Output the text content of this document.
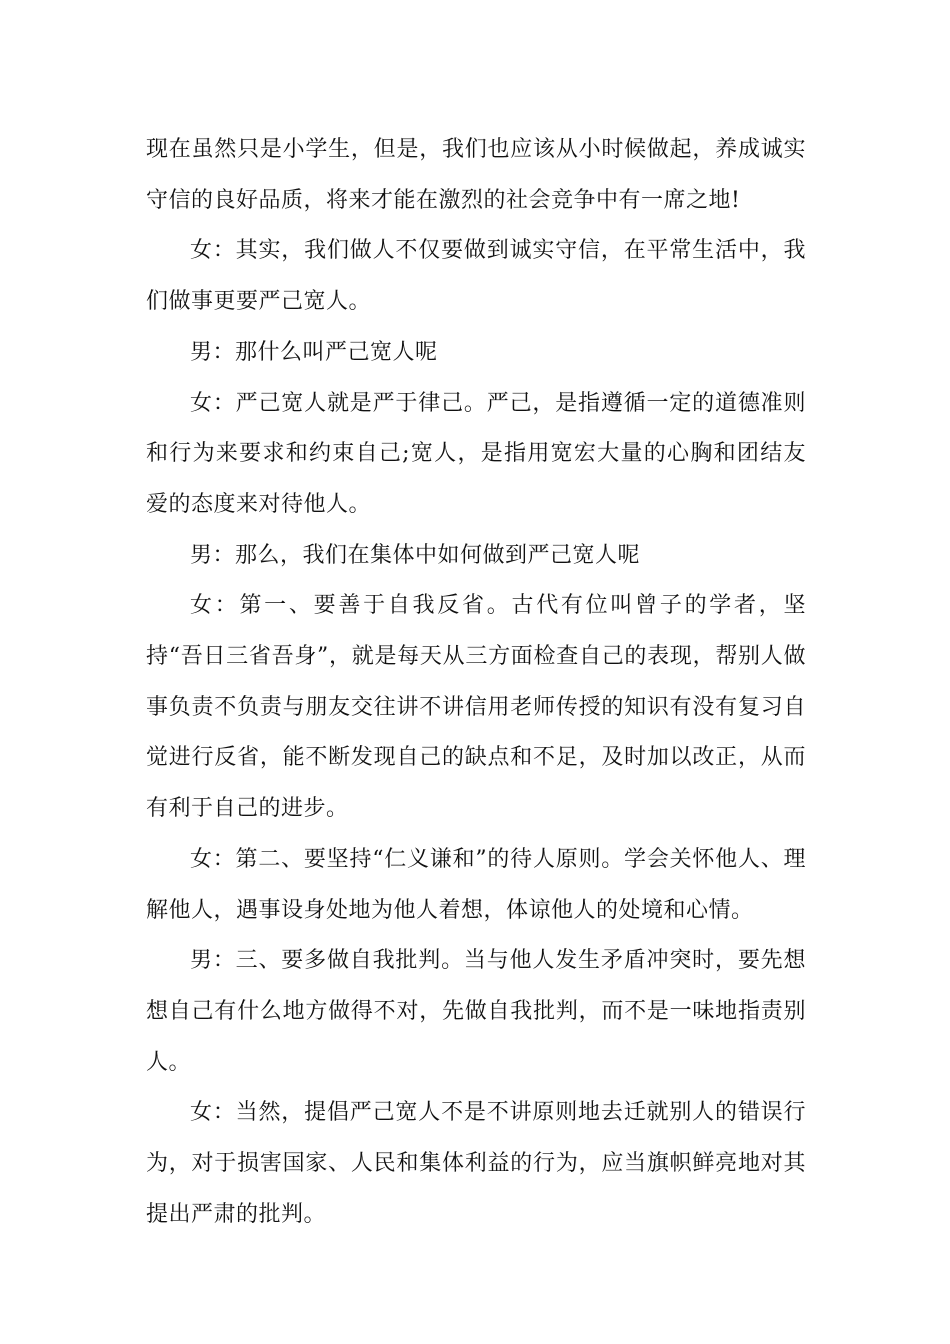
现在虽然只是小学生，但是，我们也应该从小时候做起，养成诚实守信的良好品质，将来才能在激烈的社会竞争中有一席之地!

女：其实，我们做人不仅要做到诚实守信，在平常生活中，我们做事更要严己宽人。

男：那什么叫严己宽人呢

女：严己宽人就是严于律己。严己，是指遵循一定的道德准则和行为来要求和约束自己;宽人，是指用宽宏大量的心胸和团结友爱的态度来对待他人。

男：那么，我们在集体中如何做到严己宽人呢

女：第一、要善于自我反省。古代有位叫曾子的学者，坚持“吾日三省吾身”，就是每天从三方面检查自己的表现，帮别人做事负责不负责与朋友交往讲不讲信用老师传授的知识有没有复习自觉进行反省，能不断发现自己的缺点和不足，及时加以改正，从而有利于自己的进步。

女：第二、要坚持“仁义谦和”的待人原则。学会关怀他人、理解他人，遇事设身处地为他人着想，体谅他人的处境和心情。

男：三、要多做自我批判。当与他人发生矛盾冲突时，要先想想自己有什么地方做得不对，先做自我批判，而不是一味地指责别人。

女：当然，提倡严己宽人不是不讲原则地去迁就别人的错误行为，对于损害国家、人民和集体利益的行为，应当旗帜鲜亮地对其提出严肃的批判。
